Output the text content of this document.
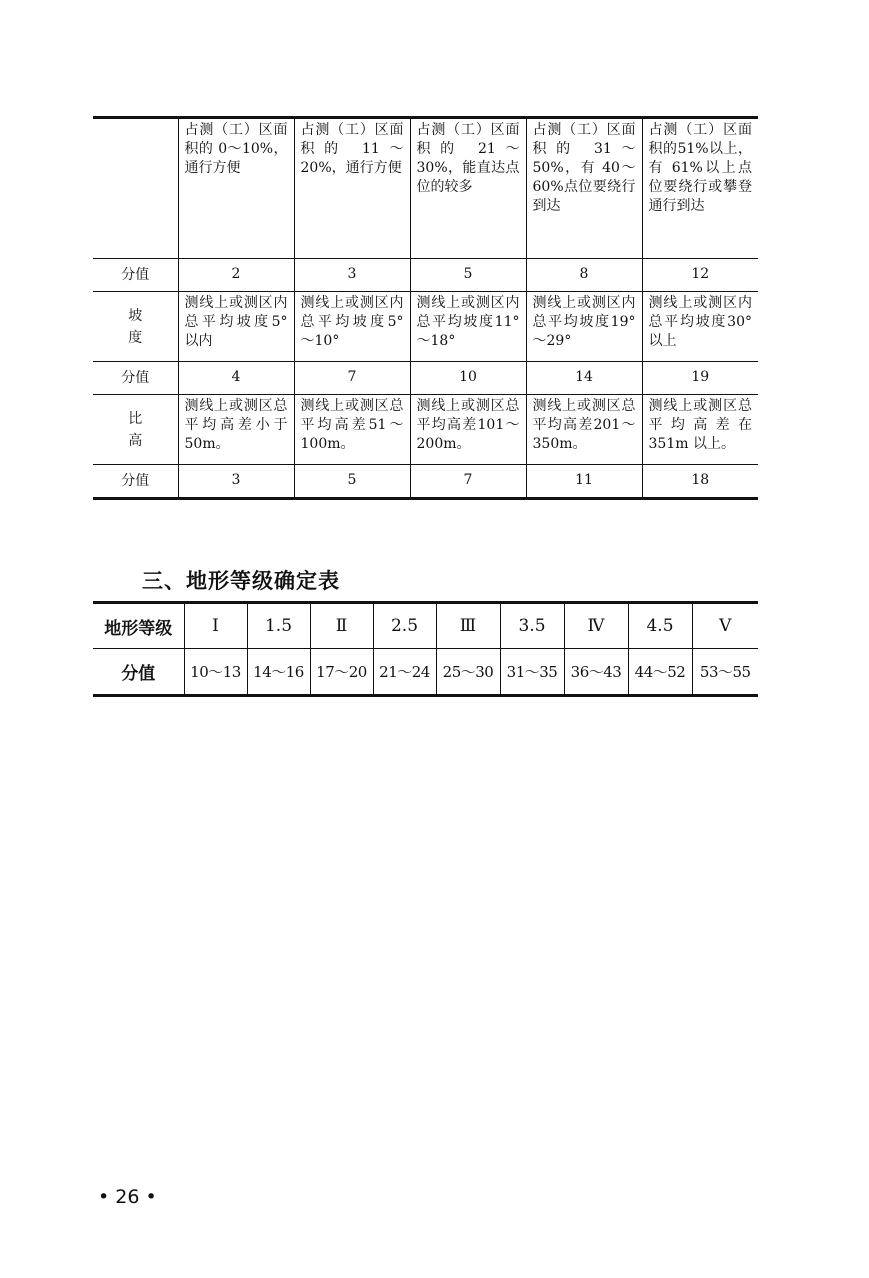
	占测（工）区面积的 0～10%，通行方便	占测（工）区面积的 11～20%，通行方便	占测（工）区面积的 21～30%，能直达点位的较多	占测（工）区面积的 31～50%，有 40～60%点位要绕行到达	占测（工）区面积的51%以上，有 61%以上点位要绕行或攀登通行到达
分值	2	3	5	8	12
坡度	测线上或测区内总平均坡度5° 以内	测线上或测区内总平均坡度5° ～10°	测线上或测区内总平均坡度11° ～18°	测线上或测区内总平均坡度19° ～29°	测线上或测区内总平均坡度30° 以上
分值	4	7	10	14	19
比高	测线上或测区总平均高差小于 50m。	测线上或测区总平均高差51～100m。	测线上或测区总平均高差101～200m。	测线上或测区总平均高差201～350m。	测线上或测区总平均高差在351m 以上。
分值	3	5	7	11	18
三、地形等级确定表
地形等级	Ⅰ	1.5	Ⅱ	2.5	Ⅲ	3.5	Ⅳ	4.5	Ⅴ
分值	10～13	14～16	17～20	21～24	25～30	31～35	36～43	44～52	53～55
• 26 •
